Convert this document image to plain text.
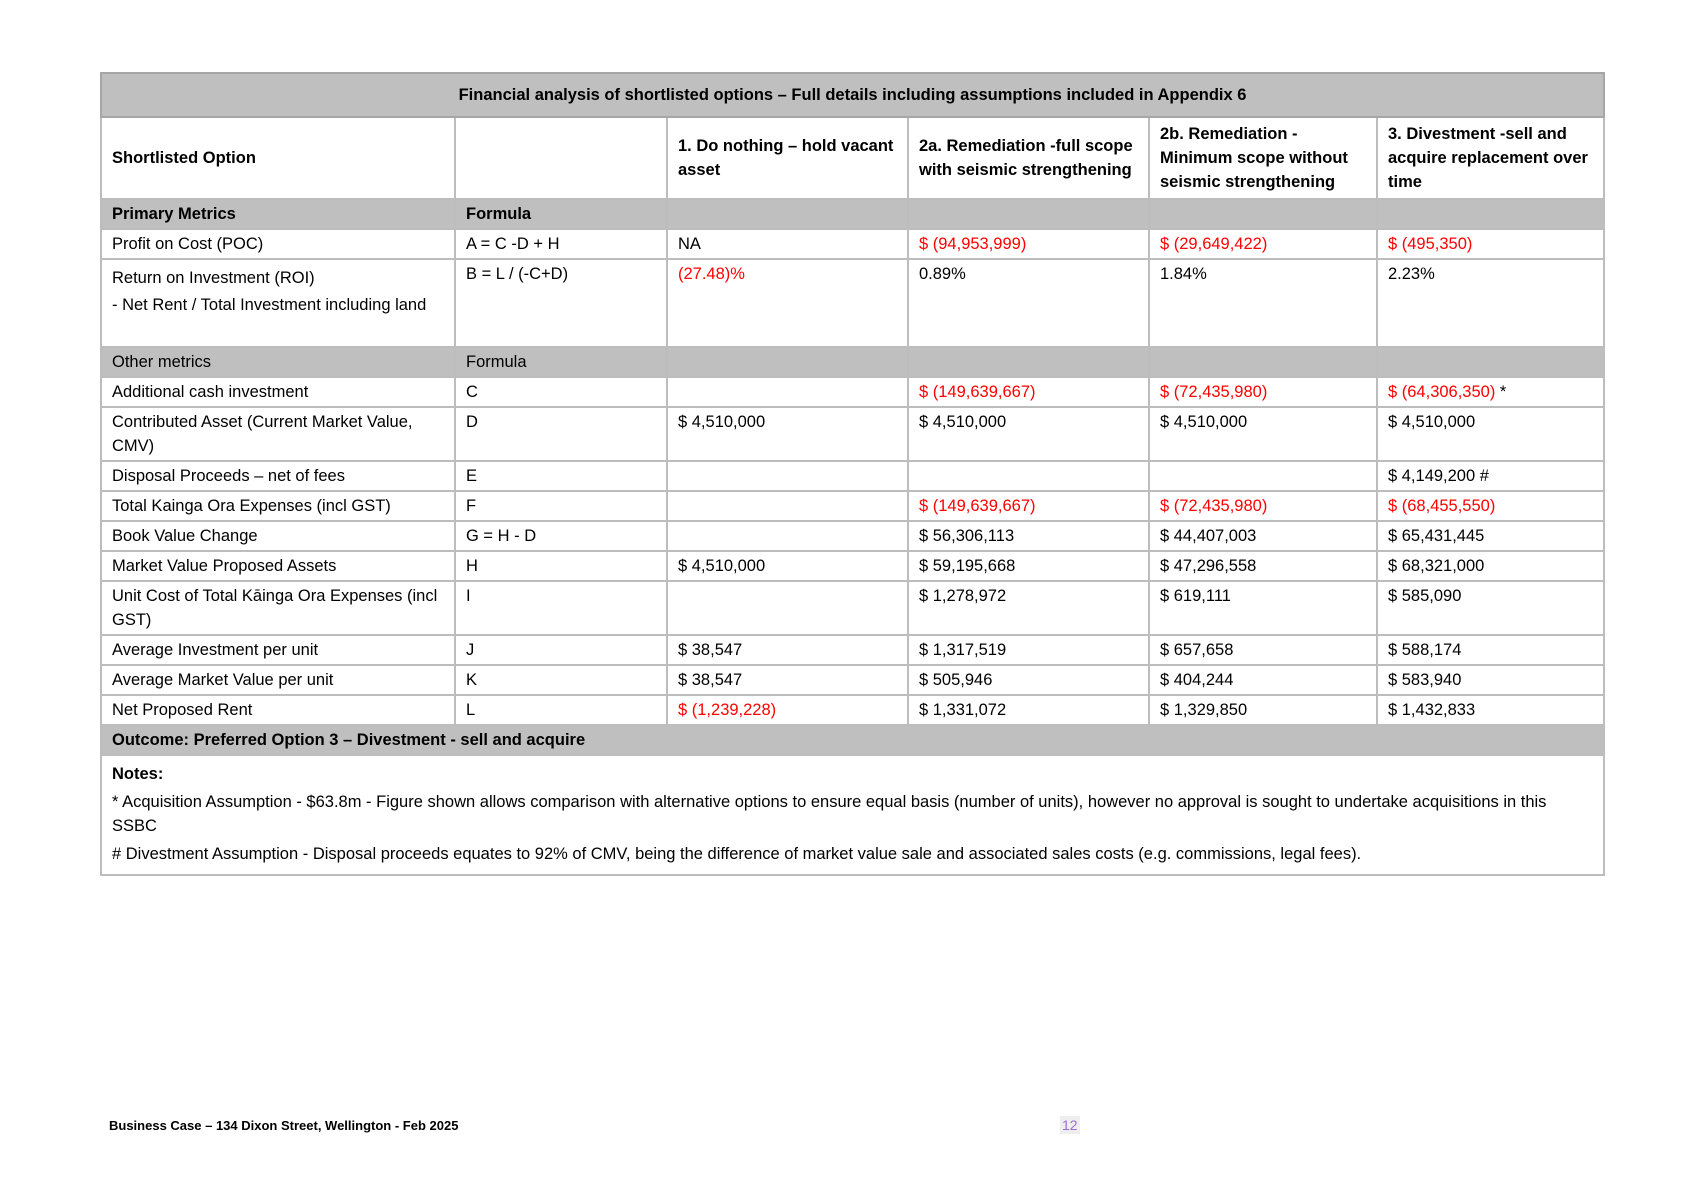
Financial analysis of shortlisted options – Full details including assumptions included in Appendix 6					
Shortlisted Option		1. Do nothing – hold vacant asset	2a. Remediation -full scope with seismic strengthening	2b. Remediation - Minimum scope without seismic strengthening	3. Divestment -sell and acquire replacement over time
Primary Metrics	Formula				

Profit on Cost (POC)	A = C -D + H	NA	$ (94,953,999)	$ (29,649,422)	$ (495,350)

Return on Investment (ROI)
- Net Rent / Total Investment including land	B = L / (-C+D)	(27.48)%	0.89%	1.84%	2.23%
Other metrics	Formula				

Additional cash investment	C		$ (149,639,667)	$ (72,435,980)	$ (64,306,350) *

Contributed Asset (Current Market Value, CMV)	D	$ 4,510,000	$ 4,510,000	$ 4,510,000	$ 4,510,000

Disposal Proceeds – net of fees	E				$ 4,149,200 #

Total Kainga Ora Expenses (incl GST)	F		$ (149,639,667)	$ (72,435,980)	$ (68,455,550)

Book Value Change	G = H - D		$ 56,306,113	$ 44,407,003	$ 65,431,445

Market Value Proposed Assets	H	$ 4,510,000	$ 59,195,668	$ 47,296,558	$ 68,321,000

Unit Cost of Total Kāinga Ora Expenses (incl GST)	I		$ 1,278,972	$ 619,111	$ 585,090

Average Investment per unit	J	$ 38,547	$ 1,317,519	$ 657,658	$ 588,174

Average Market Value per unit	K	$ 38,547	$ 505,946	$ 404,244	$ 583,940

Net Proposed Rent	L	$ (1,239,228)	$ 1,331,072	$ 1,329,850	$ 1,432,833
Outcome: Preferred Option 3 – Divestment - sell and acquire					

Notes:

* Acquisition Assumption - $63.8m - Figure shown allows comparison with alternative options to ensure equal basis (number of units), however no approval is sought to undertake acquisitions in this SSBC

# Divestment Assumption - Disposal proceeds equates to 92% of CMV, being the difference of market value sale and associated sales costs (e.g. commissions, legal fees).					

Business Case – 134 Dixon Street, Wellington - Feb 2025	12
